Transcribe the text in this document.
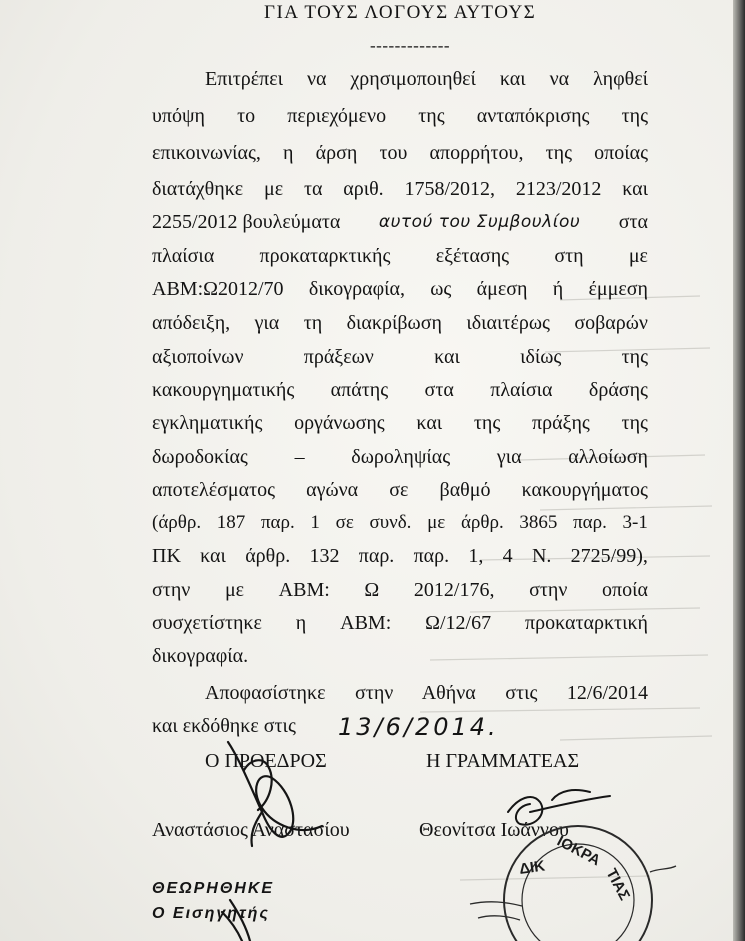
ΓΙΑ ΤΟΥΣ ΛΟΓΟΥΣ ΑΥΤΟΥΣ
-------------
Επιτρέπει να χρησιμοποιηθεί και να ληφθεί
υπόψη το περιεχόμενο της ανταπόκρισης της
επικοινωνίας, η άρση του απορρήτου, της οποίας
διατάχθηκε με τα αριθ. 1758/2012, 2123/2012 και
2255/2012 βουλεύματα αυτού του Συμβουλίου στα
πλαίσια προκαταρκτικής εξέτασης στη με
ΑΒΜ:Ω2012/70 δικογραφία, ως άμεση ή έμμεση
απόδειξη, για τη διακρίβωση ιδιαιτέρως σοβαρών
αξιοποίνων	πράξεων	και	ιδίως	της
κακουργηματικής απάτης στα πλαίσια δράσης
εγκληματικής οργάνωσης και της πράξης της
δωροδοκίας – δωροληψίας για αλλοίωση
αποτελέσματος αγώνα σε βαθμό κακουργήματος
(άρθρ. 187 παρ. 1 σε συνδ. με άρθρ. 3865 παρ. 3-1
ΠΚ και άρθρ. 132 παρ. παρ. 1, 4 Ν. 2725/99),
στην με ΑΒΜ: Ω 2012/176, στην οποία
συσχετίστηκε η ΑΒΜ: Ω/12/67 προκαταρκτική
δικογραφία.
Αποφασίστηκε στην Αθήνα στις 12/6/2014
και εκδόθηκε στις 13/6/2014.
Ο ΠΡΟΕΔΡΟΣ	Η ΓΡΑΜΜΑΤΕΑΣ
Αναστάσιος Αναστασίου	Θεονίτσα Ιωάννου
ΙΟΚΡΑ
ΤΙΑΣ
ΔΙΚ
ΘΕΩΡΗΘΗΚΕ
Ο Εισηγητής
